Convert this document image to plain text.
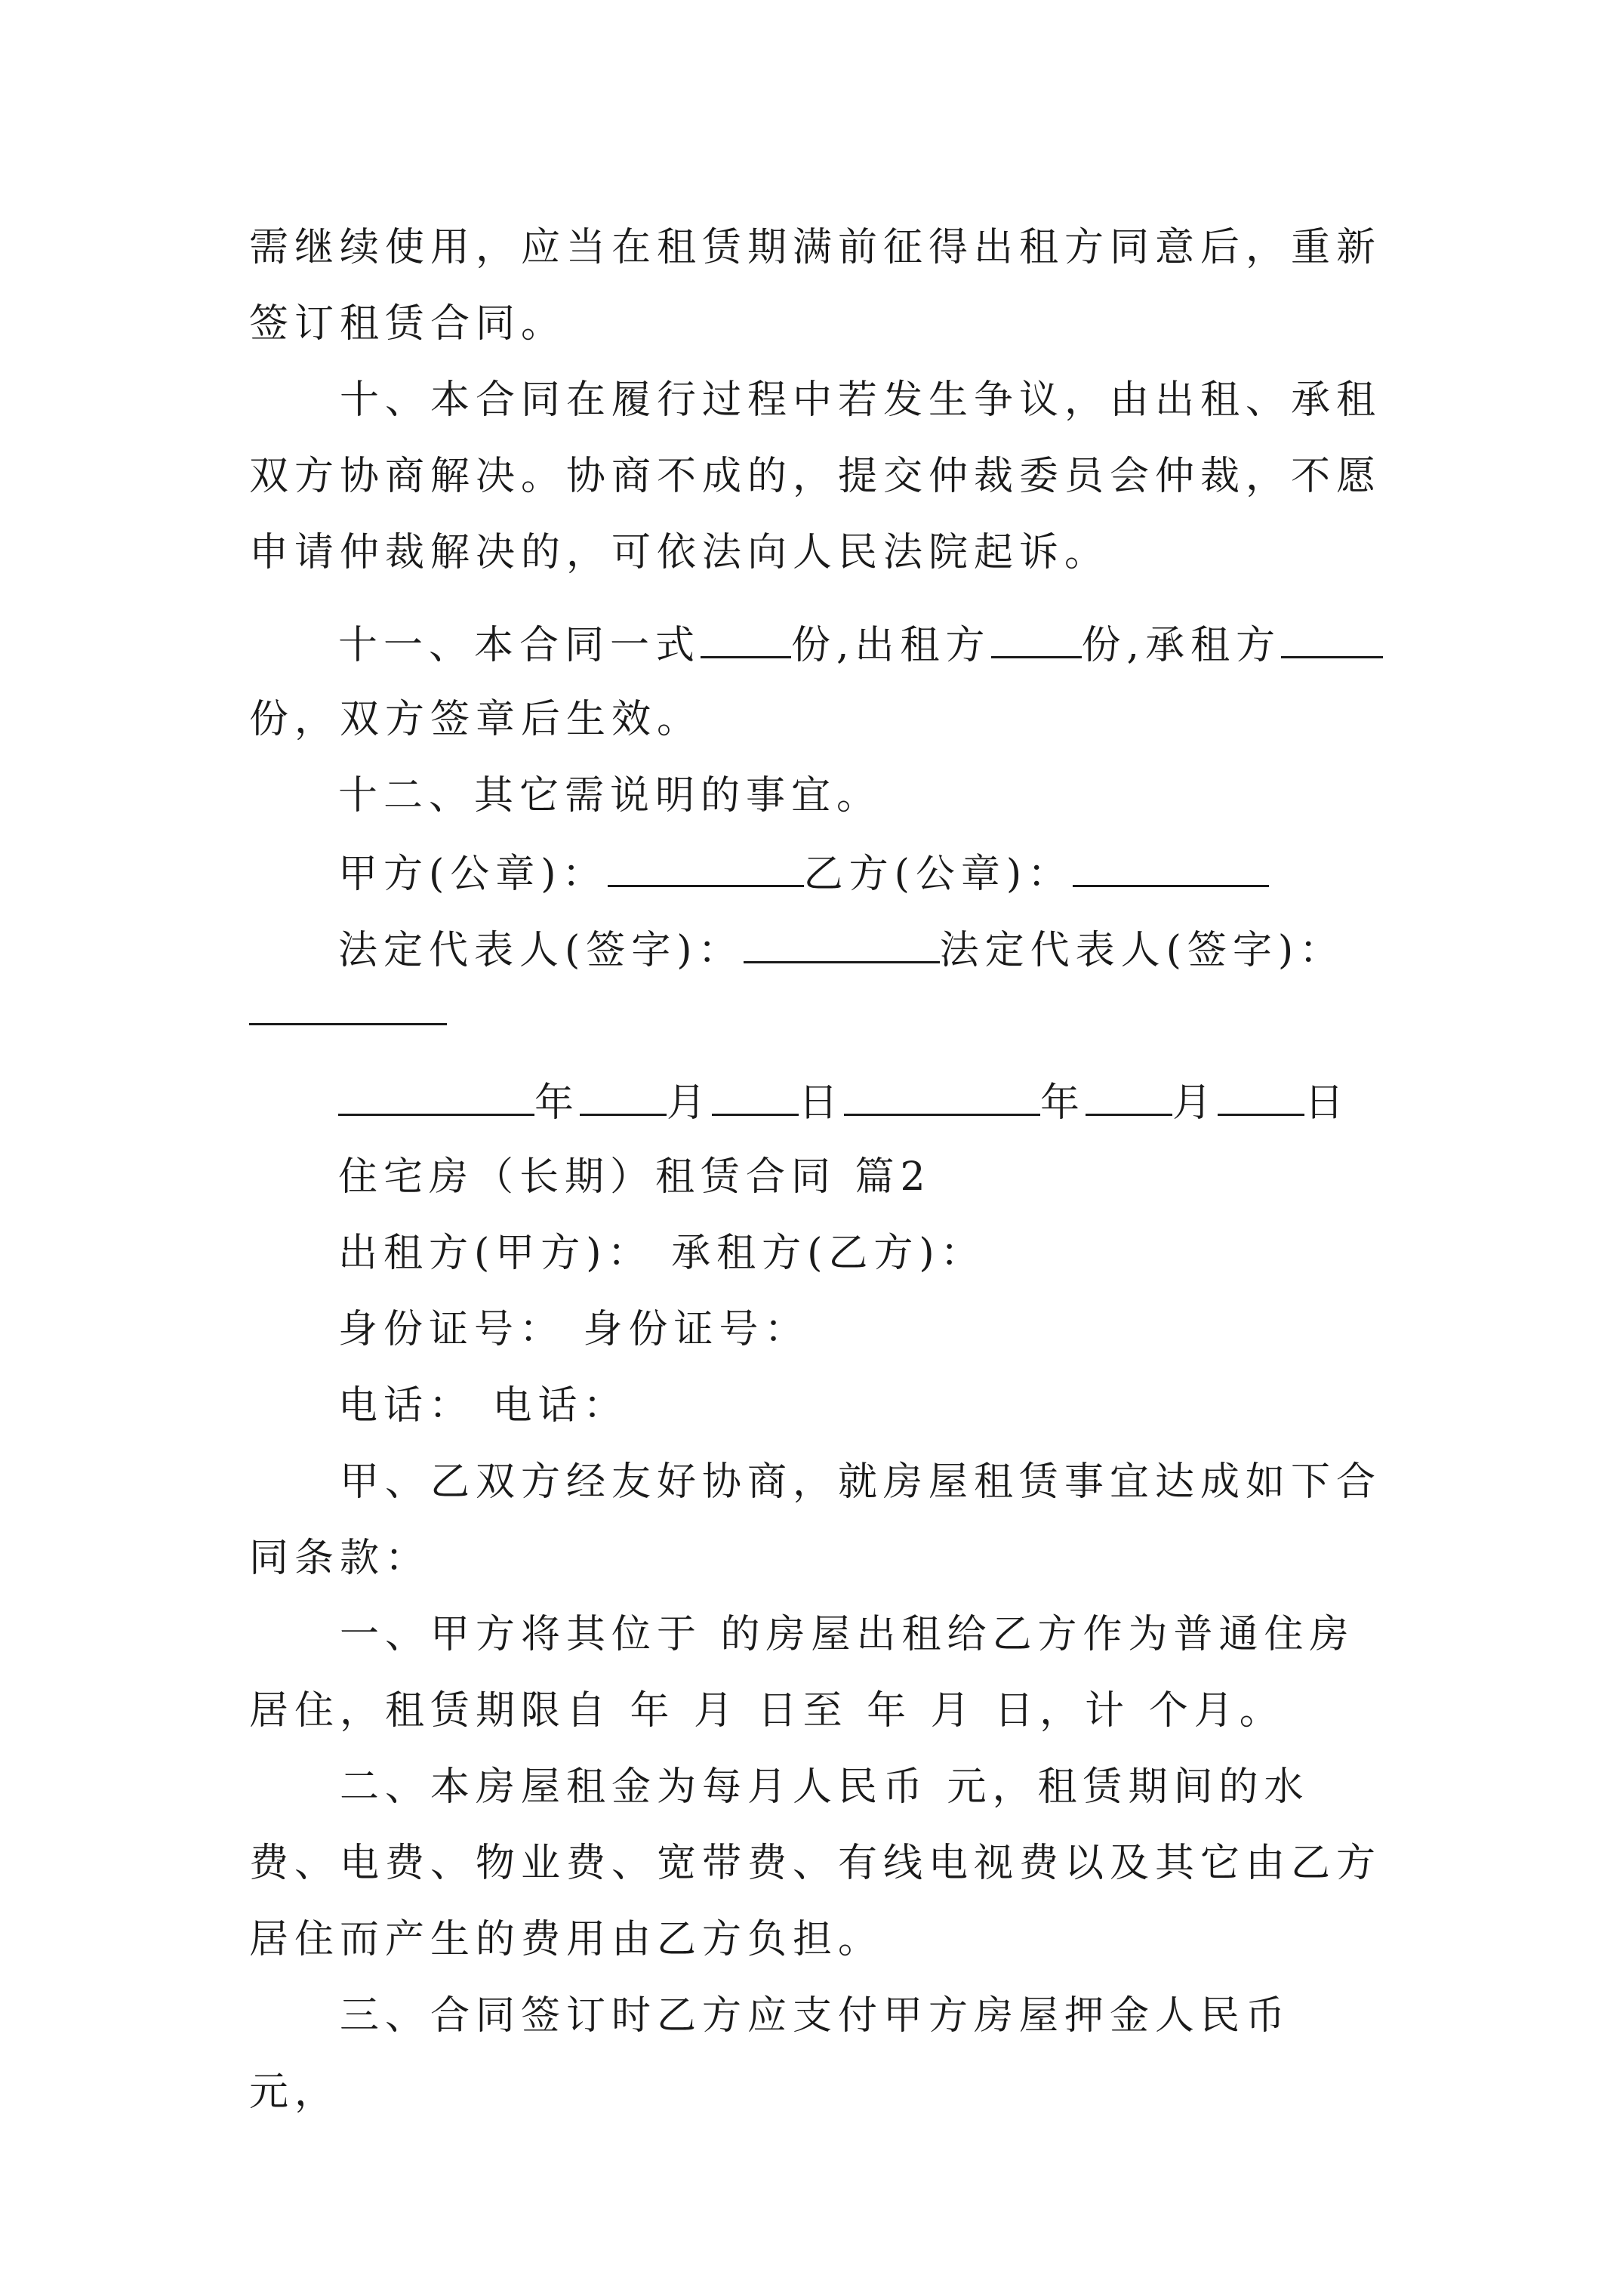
需继续使用，应当在租赁期满前征得出租方同意后，重新签订租赁合同。
十、本合同在履行过程中若发生争议，由出租、承租双方协商解决。协商不成的，提交仲裁委员会仲裁，不愿申请仲裁解决的，可依法向人民法院起诉。
十一、本合同一式 份,出租方 份,承租方
份，双方签章后生效。
十二、其它需说明的事宜。
甲方(公章)：	乙方(公章)：
法定代表人(签字)：	法定代表人(签字)：
年 月 日	年 月 日
住宅房（长期）租赁合同 篇2
出租方(甲方)： 承租方(乙方)：
身份证号： 身份证号：
电话： 电话：
甲、乙双方经友好协商，就房屋租赁事宜达成如下合同条款：
一、甲方将其位于 的房屋出租给乙方作为普通住房居住，租赁期限自 年 月 日至 年 月 日，计 个月。
二、本房屋租金为每月人民币 元，租赁期间的水费、电费、物业费、宽带费、有线电视费以及其它由乙方居住而产生的费用由乙方负担。
三、合同签订时乙方应支付甲方房屋押金人民币 元，
